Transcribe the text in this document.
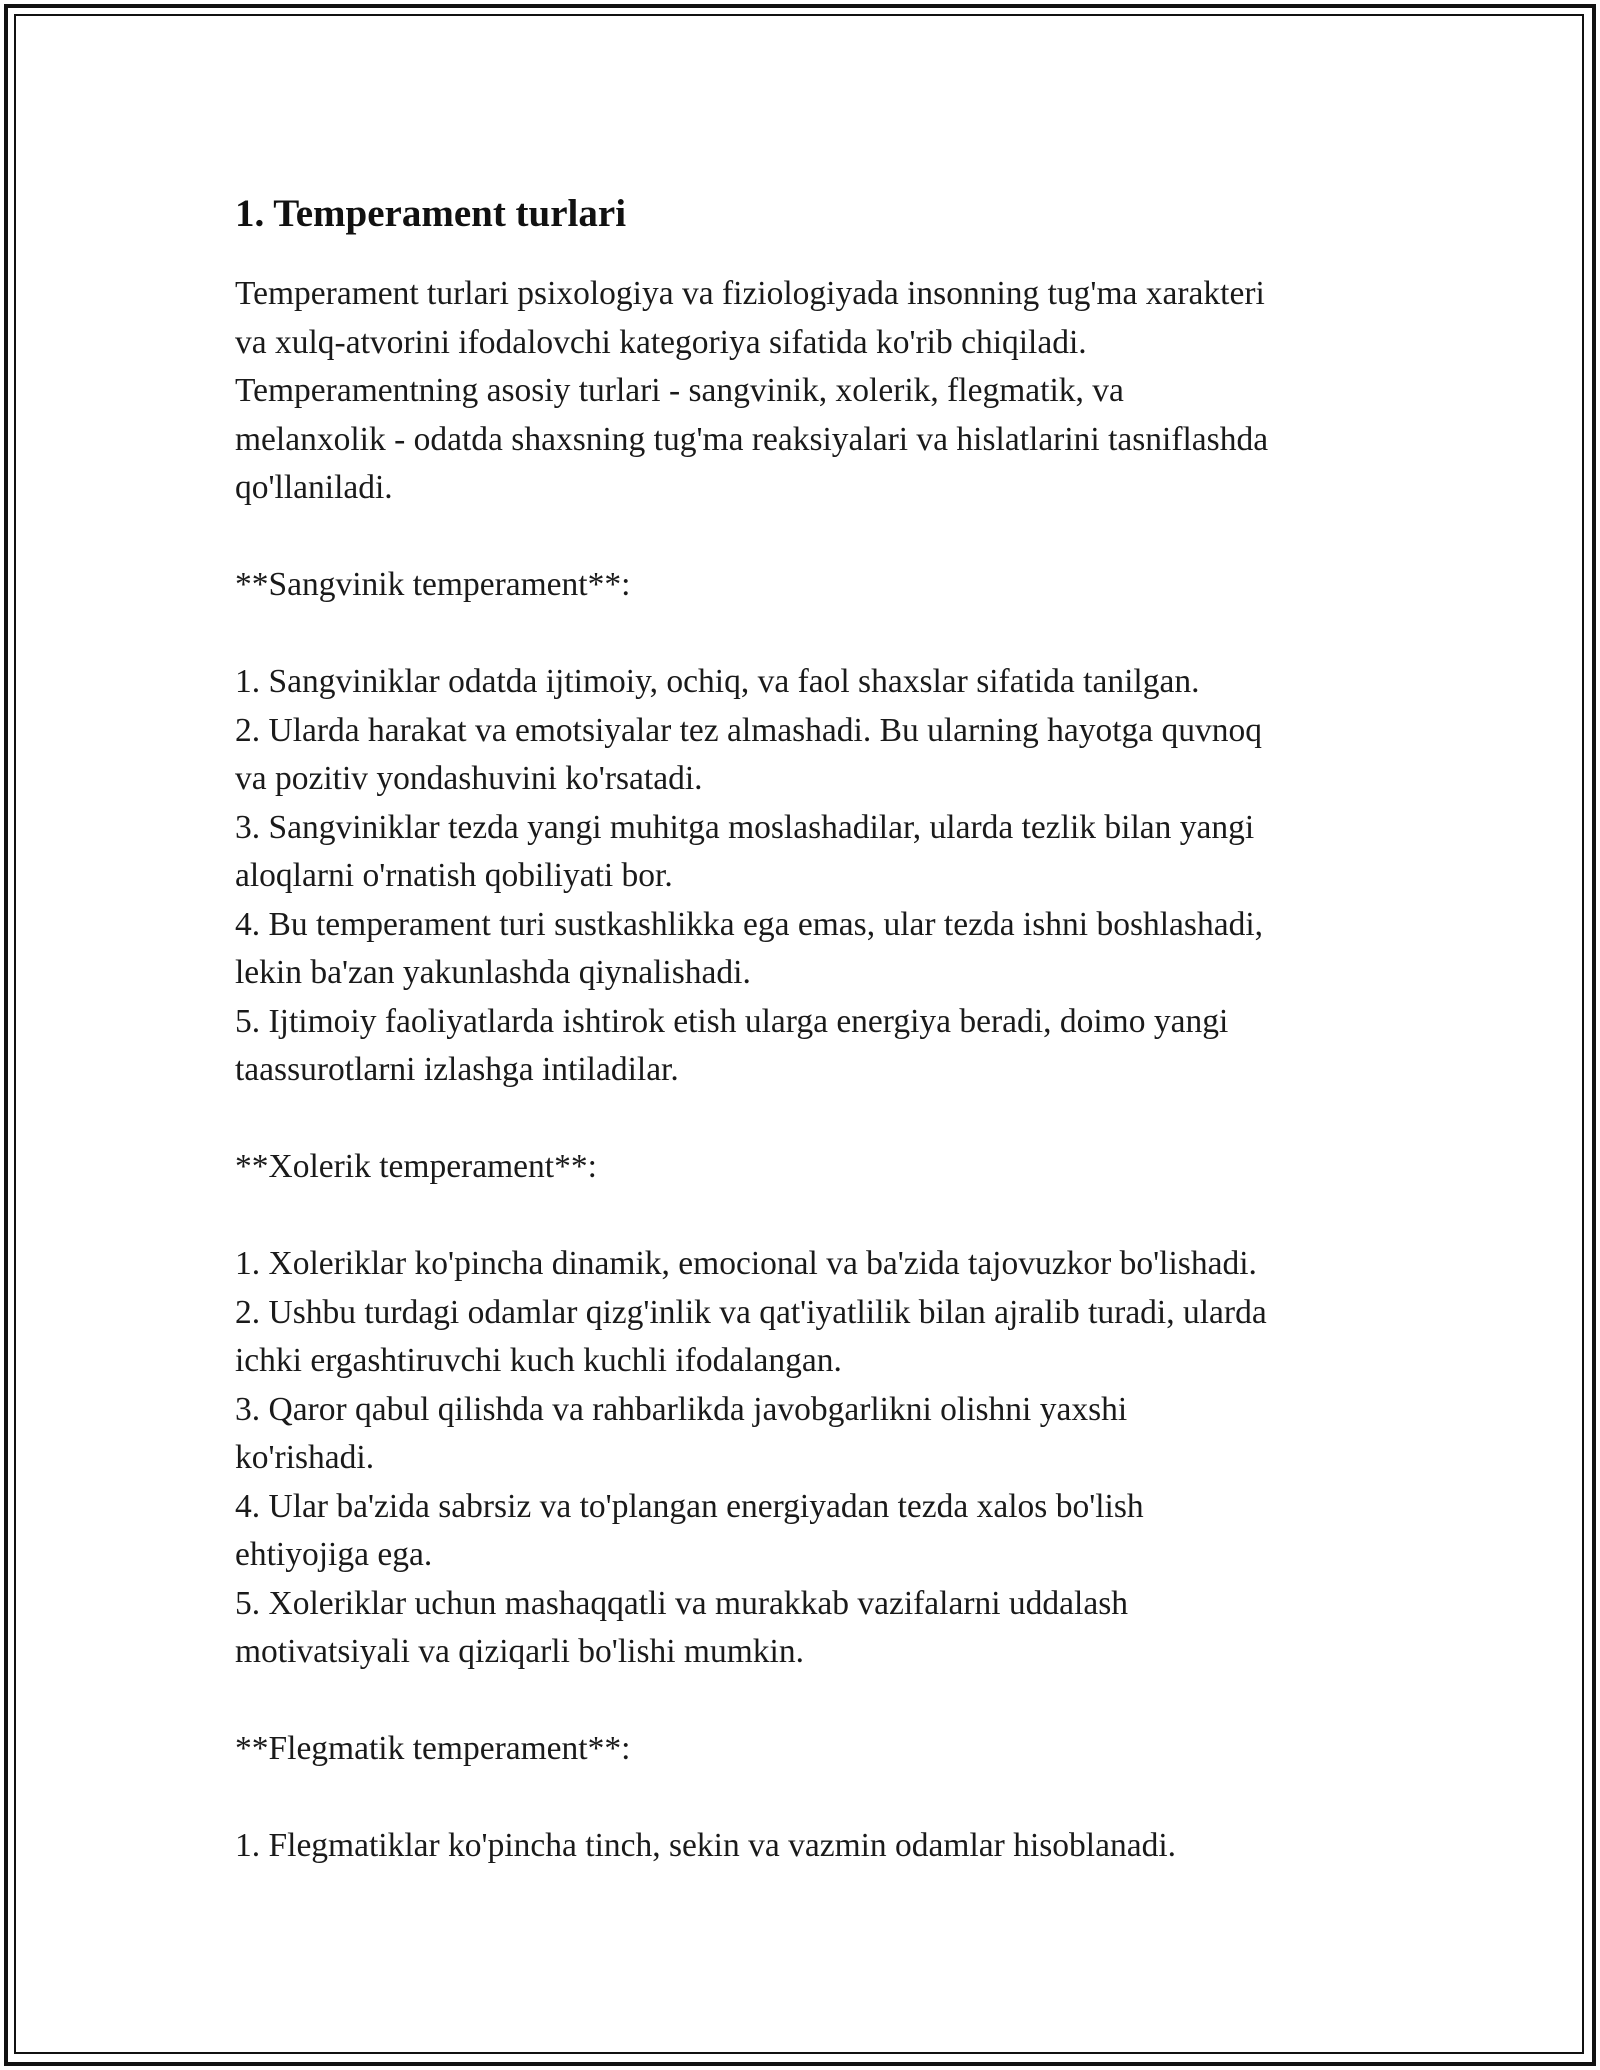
1. Temperament turlari

Temperament turlari psixologiya va fiziologiyada insonning tug'ma xarakteri

va xulq-atvorini ifodalovchi kategoriya sifatida ko'rib chiqiladi.

Temperamentning asosiy turlari - sangvinik, xolerik, flegmatik, va

melanxolik - odatda shaxsning tug'ma reaksiyalari va hislatlarini tasniflashda

qo'llaniladi.

**Sangvinik temperament**:

1. Sangviniklar odatda ijtimoiy, ochiq, va faol shaxslar sifatida tanilgan.

2. Ularda harakat va emotsiyalar tez almashadi. Bu ularning hayotga quvnoq

va pozitiv yondashuvini ko'rsatadi.

3. Sangviniklar tezda yangi muhitga moslashadilar, ularda tezlik bilan yangi

aloqlarni o'rnatish qobiliyati bor.

4. Bu temperament turi sustkashlikka ega emas, ular tezda ishni boshlashadi,

lekin ba'zan yakunlashda qiynalishadi.

5. Ijtimoiy faoliyatlarda ishtirok etish ularga energiya beradi, doimo yangi

taassurotlarni izlashga intiladilar.

**Xolerik temperament**:

1. Xoleriklar ko'pincha dinamik, emocional va ba'zida tajovuzkor bo'lishadi.

2. Ushbu turdagi odamlar qizg'inlik va qat'iyatlilik bilan ajralib turadi, ularda

ichki ergashtiruvchi kuch kuchli ifodalangan.

3. Qaror qabul qilishda va rahbarlikda javobgarlikni olishni yaxshi

ko'rishadi.

4. Ular ba'zida sabrsiz va to'plangan energiyadan tezda xalos bo'lish

ehtiyojiga ega.

5. Xoleriklar uchun mashaqqatli va murakkab vazifalarni uddalash

motivatsiyali va qiziqarli bo'lishi mumkin.

**Flegmatik temperament**:

1. Flegmatiklar ko'pincha tinch, sekin va vazmin odamlar hisoblanadi.
